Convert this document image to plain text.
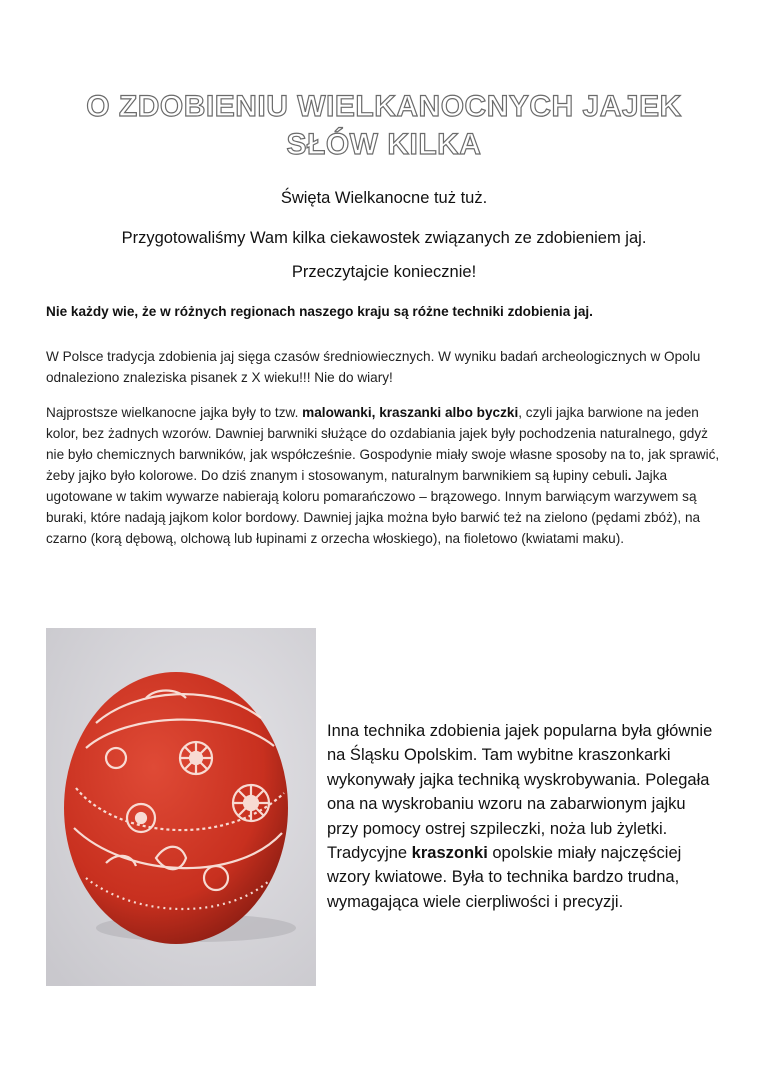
O ZDOBIENIU WIELKANOCNYCH JAJEK
SŁÓW KILKA
Święta Wielkanocne tuż tuż.
Przygotowaliśmy Wam kilka ciekawostek związanych ze zdobieniem jaj.
Przeczytajcie koniecznie!
Nie każdy wie, że w różnych regionach naszego kraju są różne techniki zdobienia jaj.
W Polsce tradycja zdobienia jaj sięga czasów średniowiecznych. W wyniku badań archeologicznych w Opolu odnaleziono znaleziska pisanek z X wieku!!! Nie do wiary!
Najprostsze wielkanocne jajka były to tzw. malowanki, kraszanki albo byczki, czyli jajka barwione na jeden kolor, bez żadnych wzorów. Dawniej barwniki służące do ozdabiania jajek były pochodzenia naturalnego, gdyż nie było chemicznych barwników, jak współcześnie. Gospodynie miały swoje własne sposoby na to, jak sprawić, żeby jajko było kolorowe. Do dziś znanym i stosowanym, naturalnym barwnikiem są łupiny cebuli. Jajka ugotowane w takim wywarze nabierają koloru pomarańczowo – brązowego. Innym barwiącym warzywem są buraki, które nadają jajkom kolor bordowy. Dawniej jajka można było barwić też na zielono (pędami zbóż), na czarno (korą dębową, olchową lub łupinami z orzecha włoskiego), na fioletowo (kwiatami maku).
Inna technika zdobienia jajek popularna była głównie na Śląsku Opolskim. Tam wybitne kraszonkarki wykonywały jajka techniką wyskrobywania. Polegała ona na wyskrobaniu wzoru na zabarwionym jajku przy pomocy ostrej szpileczki, noża lub żyletki. Tradycyjne kraszonki opolskie miały najczęściej wzory kwiatowe. Była to technika bardzo trudna, wymagająca wiele cierpliwości i precyzji.
